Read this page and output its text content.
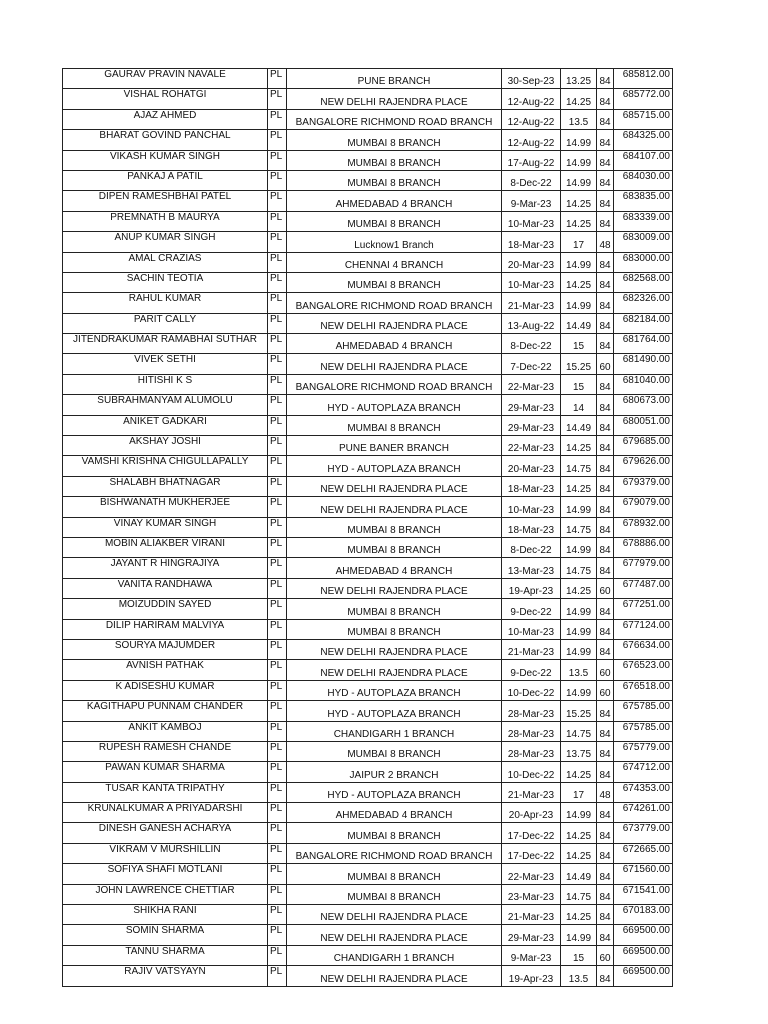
GAURAV PRAVIN NAVALE	PL	PUNE BRANCH	30-Sep-23	13.25	84	685812.00
VISHAL ROHATGI	PL	NEW DELHI RAJENDRA PLACE	12-Aug-22	14.25	84	685772.00
AJAZ AHMED	PL	BANGALORE RICHMOND ROAD BRANCH	12-Aug-22	13.5	84	685715.00
BHARAT GOVIND PANCHAL	PL	MUMBAI 8 BRANCH	12-Aug-22	14.99	84	684325.00
VIKASH KUMAR SINGH	PL	MUMBAI 8 BRANCH	17-Aug-22	14.99	84	684107.00
PANKAJ A PATIL	PL	MUMBAI 8 BRANCH	8-Dec-22	14.99	84	684030.00
DIPEN RAMESHBHAI PATEL	PL	AHMEDABAD 4 BRANCH	9-Mar-23	14.25	84	683835.00
PREMNATH B MAURYA	PL	MUMBAI 8 BRANCH	10-Mar-23	14.25	84	683339.00
ANUP KUMAR SINGH	PL	Lucknow1 Branch	18-Mar-23	17	48	683009.00
AMAL CRAZIAS	PL	CHENNAI 4 BRANCH	20-Mar-23	14.99	84	683000.00
SACHIN TEOTIA	PL	MUMBAI 8 BRANCH	10-Mar-23	14.25	84	682568.00
RAHUL KUMAR	PL	BANGALORE RICHMOND ROAD BRANCH	21-Mar-23	14.99	84	682326.00
PARIT CALLY	PL	NEW DELHI RAJENDRA PLACE	13-Aug-22	14.49	84	682184.00
JITENDRAKUMAR RAMABHAI SUTHAR	PL	AHMEDABAD 4 BRANCH	8-Dec-22	15	84	681764.00
VIVEK SETHI	PL	NEW DELHI RAJENDRA PLACE	7-Dec-22	15.25	60	681490.00
HITISHI K S	PL	BANGALORE RICHMOND ROAD BRANCH	22-Mar-23	15	84	681040.00
SUBRAHMANYAM ALUMOLU	PL	HYD - AUTOPLAZA BRANCH	29-Mar-23	14	84	680673.00
ANIKET GADKARI	PL	MUMBAI 8 BRANCH	29-Mar-23	14.49	84	680051.00
AKSHAY JOSHI	PL	PUNE BANER BRANCH	22-Mar-23	14.25	84	679685.00
VAMSHI KRISHNA CHIGULLAPALLY	PL	HYD - AUTOPLAZA BRANCH	20-Mar-23	14.75	84	679626.00
SHALABH BHATNAGAR	PL	NEW DELHI RAJENDRA PLACE	18-Mar-23	14.25	84	679379.00
BISHWANATH MUKHERJEE	PL	NEW DELHI RAJENDRA PLACE	10-Mar-23	14.99	84	679079.00
VINAY KUMAR SINGH	PL	MUMBAI 8 BRANCH	18-Mar-23	14.75	84	678932.00
MOBIN ALIAKBER VIRANI	PL	MUMBAI 8 BRANCH	8-Dec-22	14.99	84	678886.00
JAYANT R HINGRAJIYA	PL	AHMEDABAD 4 BRANCH	13-Mar-23	14.75	84	677979.00
VANITA RANDHAWA	PL	NEW DELHI RAJENDRA PLACE	19-Apr-23	14.25	60	677487.00
MOIZUDDIN SAYED	PL	MUMBAI 8 BRANCH	9-Dec-22	14.99	84	677251.00
DILIP HARIRAM MALVIYA	PL	MUMBAI 8 BRANCH	10-Mar-23	14.99	84	677124.00
SOURYA MAJUMDER	PL	NEW DELHI RAJENDRA PLACE	21-Mar-23	14.99	84	676634.00
AVNISH PATHAK	PL	NEW DELHI RAJENDRA PLACE	9-Dec-22	13.5	60	676523.00
K ADISESHU KUMAR	PL	HYD - AUTOPLAZA BRANCH	10-Dec-22	14.99	60	676518.00
KAGITHAPU PUNNAM CHANDER	PL	HYD - AUTOPLAZA BRANCH	28-Mar-23	15.25	84	675785.00
ANKIT KAMBOJ	PL	CHANDIGARH 1 BRANCH	28-Mar-23	14.75	84	675785.00
RUPESH RAMESH CHANDE	PL	MUMBAI 8 BRANCH	28-Mar-23	13.75	84	675779.00
PAWAN KUMAR SHARMA	PL	JAIPUR 2 BRANCH	10-Dec-22	14.25	84	674712.00
TUSAR KANTA TRIPATHY	PL	HYD - AUTOPLAZA BRANCH	21-Mar-23	17	48	674353.00
KRUNALKUMAR A PRIYADARSHI	PL	AHMEDABAD 4 BRANCH	20-Apr-23	14.99	84	674261.00
DINESH GANESH ACHARYA	PL	MUMBAI 8 BRANCH	17-Dec-22	14.25	84	673779.00
VIKRAM V MURSHILLIN	PL	BANGALORE RICHMOND ROAD BRANCH	17-Dec-22	14.25	84	672665.00
SOFIYA SHAFI MOTLANI	PL	MUMBAI 8 BRANCH	22-Mar-23	14.49	84	671560.00
JOHN LAWRENCE CHETTIAR	PL	MUMBAI 8 BRANCH	23-Mar-23	14.75	84	671541.00
SHIKHA RANI	PL	NEW DELHI RAJENDRA PLACE	21-Mar-23	14.25	84	670183.00
SOMIN SHARMA	PL	NEW DELHI RAJENDRA PLACE	29-Mar-23	14.99	84	669500.00
TANNU SHARMA	PL	CHANDIGARH 1 BRANCH	9-Mar-23	15	60	669500.00
RAJIV VATSYAYN	PL	NEW DELHI RAJENDRA PLACE	19-Apr-23	13.5	84	669500.00
